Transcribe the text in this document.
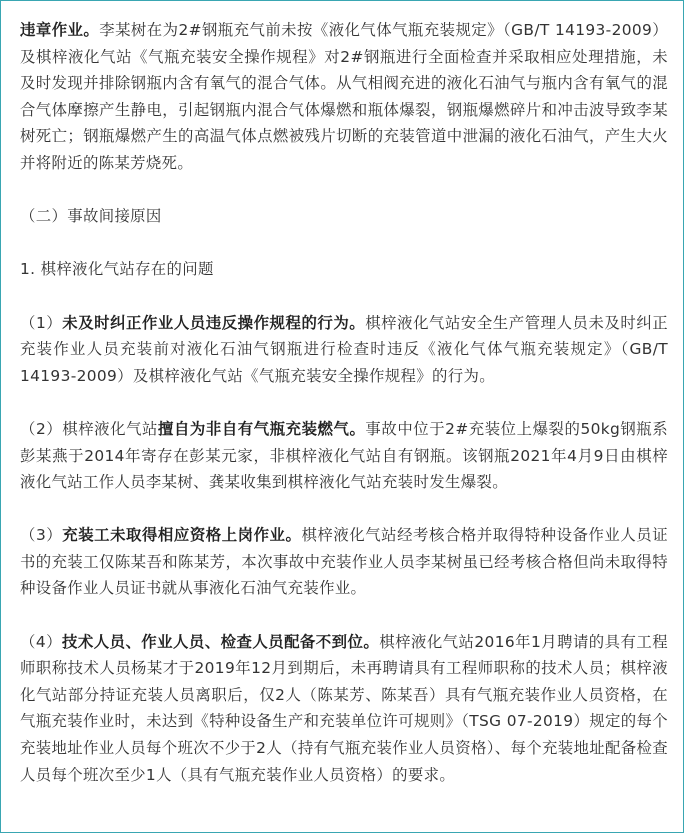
违章作业。李某树在为2#钢瓶充气前未按《液化气体气瓶充装规定》（GB/T 14193-2009）及棋梓液化气站《气瓶充装安全操作规程》对2#钢瓶进行全面检查并采取相应处理措施，未及时发现并排除钢瓶内含有氧气的混合气体。从气相阀充进的液化石油气与瓶内含有氧气的混合气体摩擦产生静电，引起钢瓶内混合气体爆燃和瓶体爆裂，钢瓶爆燃碎片和冲击波导致李某树死亡；钢瓶爆燃产生的高温气体点燃被残片切断的充装管道中泄漏的液化石油气，产生大火并将附近的陈某芳烧死。

（二）事故间接原因

1. 棋梓液化气站存在的问题

（1）未及时纠正作业人员违反操作规程的行为。棋梓液化气站安全生产管理人员未及时纠正充装作业人员充装前对液化石油气钢瓶进行检查时违反《液化气体气瓶充装规定》（GB/T 14193-2009）及棋梓液化气站《气瓶充装安全操作规程》的行为。

（2）棋梓液化气站擅自为非自有气瓶充装燃气。事故中位于2#充装位上爆裂的50kg钢瓶系彭某燕于2014年寄存在彭某元家，非棋梓液化气站自有钢瓶。该钢瓶2021年4月9日由棋梓液化气站工作人员李某树、龚某收集到棋梓液化气站充装时发生爆裂。

（3）充装工未取得相应资格上岗作业。棋梓液化气站经考核合格并取得特种设备作业人员证书的充装工仅陈某吾和陈某芳，本次事故中充装作业人员李某树虽已经考核合格但尚未取得特种设备作业人员证书就从事液化石油气充装作业。

（4）技术人员、作业人员、检查人员配备不到位。棋梓液化气站2016年1月聘请的具有工程师职称技术人员杨某才于2019年12月到期后，未再聘请具有工程师职称的技术人员；棋梓液化气站部分持证充装人员离职后，仅2人（陈某芳、陈某吾）具有气瓶充装作业人员资格，在气瓶充装作业时，未达到《特种设备生产和充装单位许可规则》（TSG 07-2019）规定的每个充装地址作业人员每个班次不少于2人（持有气瓶充装作业人员资格）、每个充装地址配备检查人员每个班次至少1人（具有气瓶充装作业人员资格）的要求。
